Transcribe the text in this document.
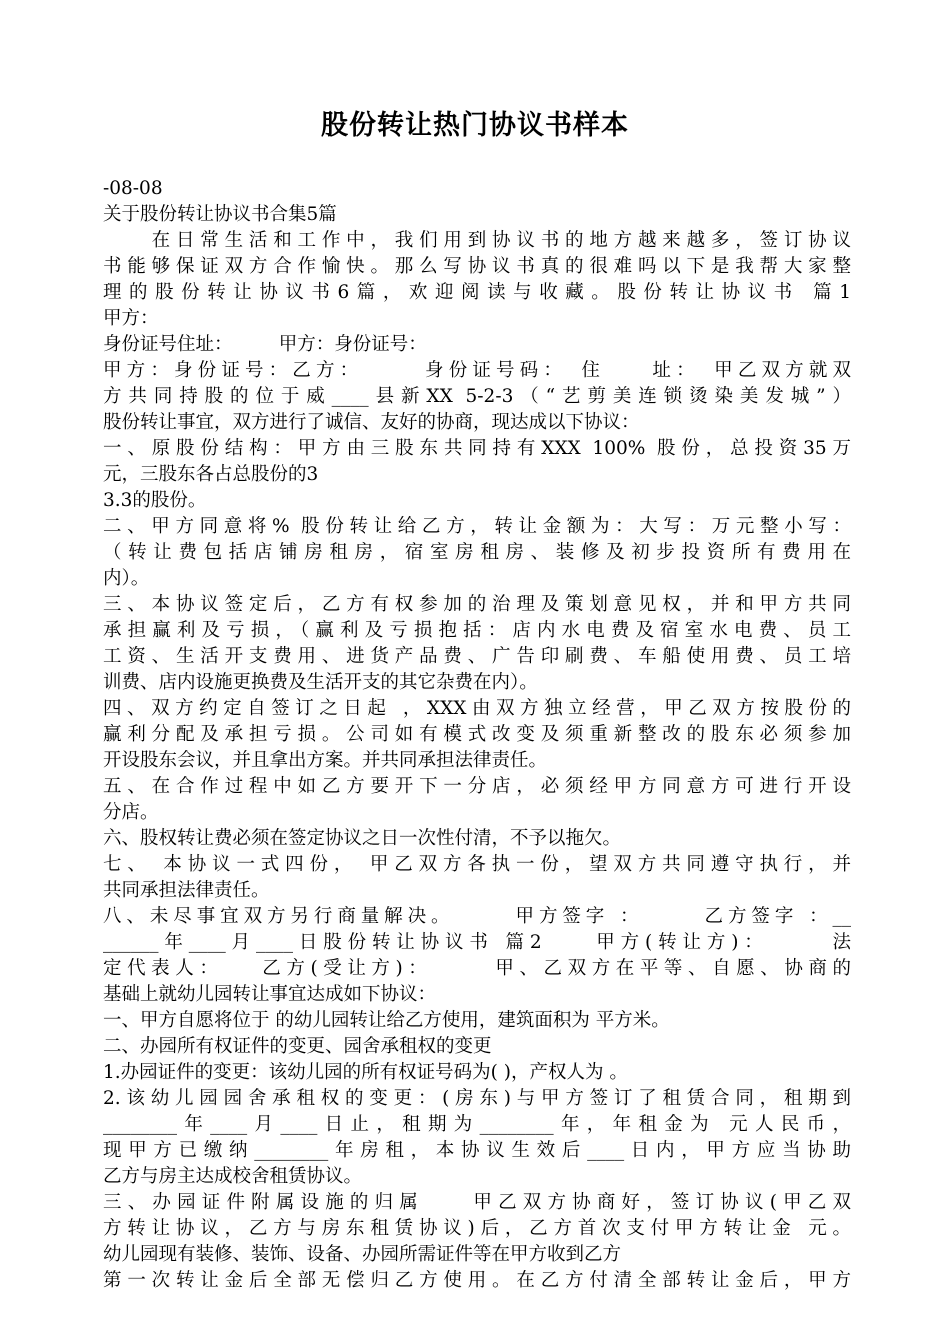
股份转让热门协议书样本
-08-08
关于股份转让协议书合集5篇
　　在日常生活和工作中，我们用到协议书的地方越来越多，签订协议
书能够保证双方合作愉快。那么写协议书真的很难吗以下是我帮大家整
理的股份转让协议书6篇，欢迎阅读与收藏。股份转让协议书 篇1
甲方：
身份证号住址：　　　甲方：身份证号：
甲方：身份证号：乙方：　　　身份证号码：　住　　址：　甲乙双方就双
方共同持股的位于威____县新XX 5-2-3（“艺剪美连锁烫染美发城”）
股份转让事宜，双方进行了诚信、友好的协商，现达成以下协议：
一、原股份结构：甲方由三股东共同持有XXX 100% 股份，总投资35万
元，三股东各占总股份的3
3.3的股份。
二、甲方同意将% 股份转让给乙方，转让金额为：大写：万元整小写：
（转让费包括店铺房租房，宿室房租房、装修及初步投资所有费用在
内）。
三、本协议签定后，乙方有权参加的治理及策划意见权，并和甲方共同
承担赢利及亏损，（赢利及亏损抱括：店内水电费及宿室水电费、员工
工资、生活开支费用、进货产品费、广告印刷费、车船使用费、员工培
训费、店内设施更换费及生活开支的其它杂费在内）。
四、双方约定自签订之日起 ，XXX由双方独立经营，甲乙双方按股份的
赢利分配及承担亏损。公司如有模式改变及须重新整改的股东必须参加
开设股东会议，并且拿出方案。并共同承担法律责任。
五、在合作过程中如乙方要开下一分店，必须经甲方同意方可进行开设
分店。
六、股权转让费必须在签定协议之日一次性付清，不予以拖欠。
七、 本协议一式四份， 甲乙双方各执一份，望双方共同遵守执行，并
共同承担法律责任。
八、未尽事宜双方另行商量解决。　　　甲方签字 ：　　　乙方签字 ：__
______年____月____日股份转让协议书 篇2　　甲方(转让方)：　　　法
定代表人：　　乙方(受让方)：　　　甲、乙双方在平等、自愿、协商的
基础上就幼儿园转让事宜达成如下协议：
一、甲方自愿将位于 的幼儿园转让给乙方使用，建筑面积为 平方米。
二、办园所有权证件的变更、园舍承租权的变更
1.办园证件的变更：该幼儿园的所有权证号码为( )，产权人为 。
2.该幼儿园园舍承租权的变更：(房东)与甲方签订了租赁合同，租期到
________年____月____日止，租期为________年，年租金为 元人民币，
现甲方已缴纳________年房租，本协议生效后____日内，甲方应当协助
乙方与房主达成校舍租赁协议。
三、办园证件附属设施的归属　　甲乙双方协商好，签订协议(甲乙双
方转让协议，乙方与房东租赁协议)后，乙方首次支付甲方转让金 元。
幼儿园现有装修、装饰、设备、办园所需证件等在甲方收到乙方
第一次转让金后全部无偿归乙方使用。在乙方付清全部转让金后，甲方
